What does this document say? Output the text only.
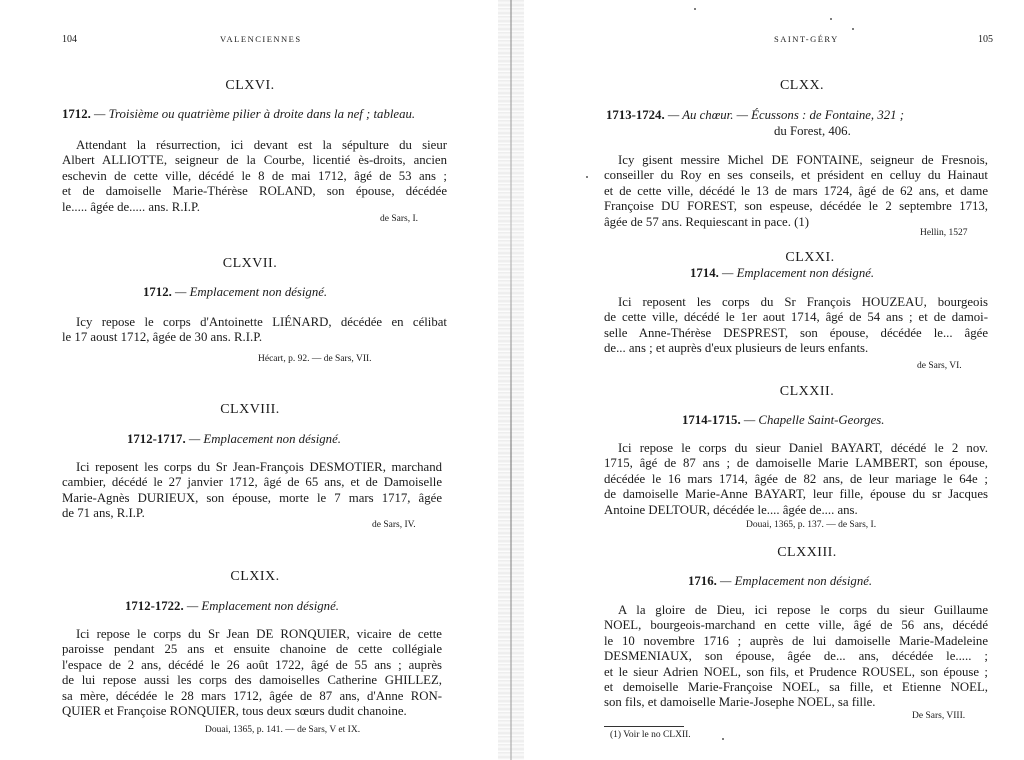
104	VALENCIENNES
CLXVI.
1712. — Troisième ou quatrième pilier à droite dans la nef ; tableau.
Attendant la résurrection, ici devant est la sépulture du sieur
Albert ALLIOTTE, seigneur de la Courbe, licentié ès-droits, ancien
eschevin de cette ville, décédé le 8 de mai 1712, âgé de 53 ans ;
et de damoiselle Marie-Thérèse ROLAND, son épouse, décédée
le..... âgée de..... ans. R.I.P.
de Sars, I.
CLXVII.
1712. — Emplacement non désigné.
Icy repose le corps d'Antoinette LIÉNARD, décédée en célibat
le 17 aoust 1712, âgée de 30 ans. R.I.P.
Hécart, p. 92. — de Sars, VII.
CLXVIII.
1712-1717. — Emplacement non désigné.
Ici reposent les corps du Sr Jean-François DESMOTIER, marchand
cambier, décédé le 27 janvier 1712, âgé de 65 ans, et de Damoiselle
Marie-Agnès DURIEUX, son épouse, morte le 7 mars 1717, âgée
de 71 ans, R.I.P.
de Sars, IV.
CLXIX.
1712-1722. — Emplacement non désigné.
Ici repose le corps du Sr Jean DE RONQUIER, vicaire de cette
paroisse pendant 25 ans et ensuite chanoine de cette collégiale
l'espace de 2 ans, décédé le 26 août 1722, âgé de 55 ans ; auprès
de lui repose aussi les corps des damoiselles Catherine GHILLEZ,
sa mère, décédée le 28 mars 1712, âgée de 87 ans, d'Anne RON-
QUIER et Françoise RONQUIER, tous deux sœurs dudit chanoine.
Douai, 1365, p. 141. — de Sars, V et IX.
SAINT-GÉRY	105
CLXX.
1713-1724. — Au chœur. — Écussons : de Fontaine, 321 ;
du Forest, 406.
Icy gisent messire Michel DE FONTAINE, seigneur de Fresnois,
conseiller du Roy en ses conseils, et président en celluy du Hainaut
et de cette ville, décédé le 13 de mars 1724, âgé de 62 ans, et dame
Françoise DU FOREST, son espeuse, décédée le 2 septembre 1713,
âgée de 57 ans. Requiescant in pace. (1)
Hellin, 1527
CLXXI.
1714. — Emplacement non désigné.
Ici reposent les corps du Sr François HOUZEAU, bourgeois
de cette ville, décédé le 1er aout 1714, âgé de 54 ans ; et de damoi-
selle Anne-Thérèse DESPREST, son épouse, décédée le... âgée
de... ans ; et auprès d'eux plusieurs de leurs enfants.
de Sars, VI.
CLXXII.
1714-1715. — Chapelle Saint-Georges.
Ici repose le corps du sieur Daniel BAYART, décédé le 2 nov.
1715, âgé de 87 ans ; de damoiselle Marie LAMBERT, son épouse,
décédée le 16 mars 1714, âgée de 82 ans, de leur mariage le 64e ;
de damoiselle Marie-Anne BAYART, leur fille, épouse du sr Jacques
Antoine DELTOUR, décédée le.... âgée de.... ans.
Douai, 1365, p. 137. — de Sars, I.
CLXXIII.
1716. — Emplacement non désigné.
A la gloire de Dieu, ici repose le corps du sieur Guillaume
NOEL, bourgeois-marchand en cette ville, âgé de 56 ans, décédé
le 10 novembre 1716 ; auprès de lui damoiselle Marie-Madeleine
DESMENIAUX, son épouse, âgée de... ans, décédée le..... ;
et le sieur Adrien NOEL, son fils, et Prudence ROUSEL, son épouse ;
et demoiselle Marie-Françoise NOEL, sa fille, et Etienne NOEL,
son fils, et damoiselle Marie-Josephe NOEL, sa fille.
De Sars, VIII.
(1) Voir le no CLXII.
